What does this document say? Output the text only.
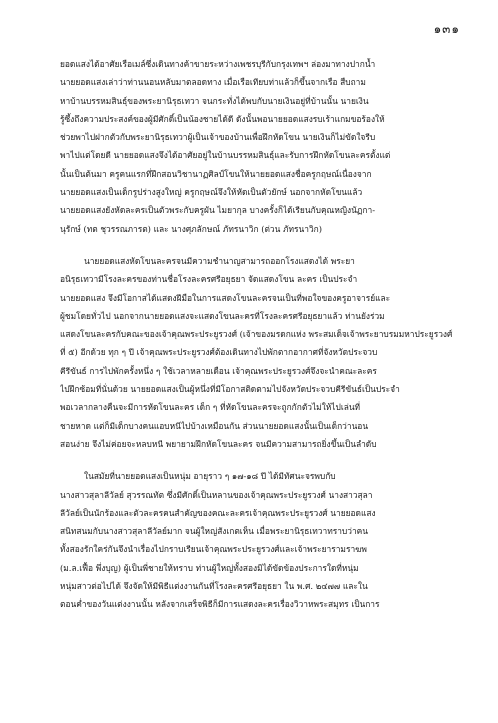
๑๓๑
ยอดแสงได้อาศัยเรือเมล์ซึ่งเดินทางค้าขายระหว่างเพชรบุรีกับกรุงเทพฯ ล่องมาทางปากน้ำ
นายยอดแสงเล่าว่าท่านนอนหลับมาตลอดทาง เมื่อเรือเทียบท่าแล้วก็ขึ้นจากเรือ สืบถาม
หาบ้านบรรหมสินธุ์ของพระยานิรุธเทวา จนกระทั่งได้พบกับนายเงินอยู่ที่บ้านนั้น นายเงิน
รู้ซึ้งถึงความประสงค์ของผู้มีศักดิ์เป็นน้องชายได้ดี ดังนั้นพอนายยอดแสงรบเร้าแกมขอร้องให้
ช่วยพาไปฝากตัวกับพระยานิรุธเทวาผู้เป็นเจ้าของบ้านเพื่อฝึกหัดโขน นายเงินก็ไม่ขัดใจรีบ
พาไปแต่โดยดี นายยอดแสงจึงได้อาศัยอยู่ในบ้านบรรหมสินธุ์และรับการฝึกหัดโขนละครตั้งแต่
นั้นเป็นต้นมา ครูคนแรกที่ฝึกสอนวิชานาฏศิลป์โขนให้นายยอดแสงชื่อครูกฤษณ์เนื่องจาก
นายยอดแสงเป็นเด็กรูปร่างสูงใหญ่ ครูกฤษณ์จึงให้หัดเป็นตัวยักษ์ นอกจากหัดโขนแล้ว
นายยอดแสงยังหัดละครเป็นตัวพระกับครูผัน ไมยากุล บางครั้งก็ได้เรียนกับคุณหญิงนัฏกา-
นุรักษ์ (ทต ชุวรรณภารต) และ นางศุภลักษณ์ ภัทรนาวิก (ต่วน ภัทรนาวิก)
นายยอดแสงหัดโขนละครจนมีความชำนาญสามารถออกโรงแสดงได้ พระยา
อนิรุธเทวามีโรงละครของท่านชื่อโรงละครศรีอยุธยา จัดแสดงโขน ละคร เป็นประจำ
นายยอดแสง จึงมีโอกาสได้แสดงฝีมือในการแสดงโขนละครจนเป็นที่พอใจของครูอาจารย์และ
ผู้ชมโดยทั่วไป นอกจากนายยอดแสงจะแสดงโขนละครที่โรงละครศรีอยุธยาแล้ว ท่านยังร่วม
แสดงโขนละครกับคณะของเจ้าคุณพระประยูรวงศ์ (เจ้าของมรดกแห่ง พระสมเด็จเจ้าพระยาบรมมหาประยูรวงศ์
ที่ ๕) อีกด้วย ทุก ๆ ปี เจ้าคุณพระประยูรวงศ์ต้องเดินทางไปพักตากอากาศที่จังหวัดประจวบ
คีรีขันธ์ การไปพักครั้งหนึ่ง ๆ ใช้เวลาหลายเดือน เจ้าคุณพระประยูรวงศ์จึงจะนำคณะละคร
ไปฝึกซ้อมที่นั่นด้วย นายยอดแสงเป็นผู้หนึ่งที่มีโอกาสติดตามไปจังหวัดประจวบคีรีขันธ์เป็นประจำ
พอเวลากลางคืนจะมีการหัดโขนละคร เด็ก ๆ ที่หัดโขนละครจะถูกกักตัวไม่ให้ไปเล่นที่
ชายหาด แต่ก็มีเด็กบางคนแอบหนีไปบ้างเหมือนกัน ส่วนนายยอดแสงนั้นเป็นเด็กว่านอน
สอนง่าย จึงไม่ค่อยจะหลบหนี พยายามฝึกหัดโขนละคร จนมีความสามารถยิ่งขึ้นเป็นลำดับ
ในสมัยที่นายยอดแสงเป็นหนุ่ม อายุราว ๆ ๑๗-๑๘ ปี ได้มีทัศนะจรพบกับ
นางสาวสุลาลีวัลย์ สุวรรณทัต ซึ่งมีศักดิ์เป็นหลานของเจ้าคุณพระประยูรวงศ์ นางสาวสุลา
ลีวัลย์เป็นนักร้องและตัวละครคนสำคัญของคณะละครเจ้าคุณพระประยูรวงศ์ นายยอดแสง
สนิทสนมกับนางสาวสุลาลีวัลย์มาก จนผู้ใหญ่สังเกตเห็น เมื่อพระยานิรุธเทวาทราบว่าคน
ทั้งสองรักใคร่กันจึงนำเรื่องไปกราบเรียนเจ้าคุณพระประยูรวงศ์และเจ้าพระยารามราฆพ
(ม.ล.เฟื้อ พึ่งบุญ) ผู้เป็นพี่ชายให้ทราบ ท่านผู้ใหญ่ทั้งสองมิได้ขัดข้องประการใดที่หนุ่ม
หนุ่มสาวต่อไปได้ จึงจัดให้มีพิธีแต่งงานกันที่โรงละครศรีอยุธยา ใน พ.ศ. ๒๔๗๗ และใน
ตอนค่ำของวันแต่งงานนั้น หลังจากเสร็จพิธีก็มีการแสดงละครเรื่องวิวาหพระสมุทร เป็นการ
